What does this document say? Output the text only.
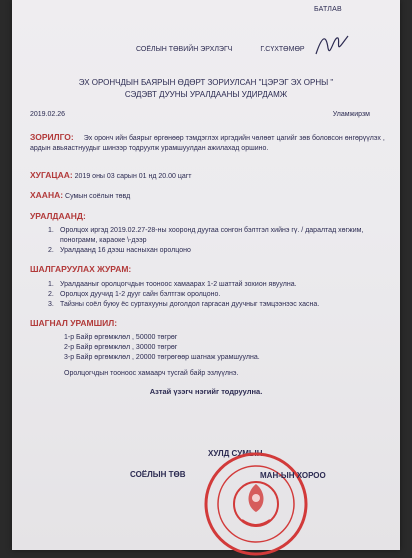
БАТЛАВ
СОЁЛЫН ТӨВИЙН ЭРХЛЭГЧ	Г.СҮХТӨМӨР
ЭХ ОРОНЧДЫН БАЯРЫН ӨДӨРТ ЗОРИУЛСАН "ЦЭРЭГ ЭХ ОРНЫ "
СЭДЭВТ ДУУНЫ УРАЛДААНЫ УДИРДАМЖ
2019.02.26	Уламжирзм
ЗОРИЛГО: Эх оронч ийн баярыг өргөнөөр тэмдэглэх иргэдийн чөлөөт цагийг зөв боловсон өнгөрүүлэх , ардын авьяастнуудыг шинээр тодруулж урамшуулдан ажилахад оршино.
ХУГАЦАА: 2019 оны 03 сарын 01 нд 20.00 цагт
ХААНА: Сумын соёлын төвд
УРАЛДААНД:
1. Оролцох иргэд 2019.02.27-28-ны хооронд дуугаа сонгон бэлтгэл хийнэ гү. / даралтад хөгжим, понограмм, караоке \-дээр
2. Уралдаанд 16 дээш насныхан оролцоно
ШАЛГАРУУЛАХ ЖУРАМ:
1. Уралдааныг оролцогчдын тооноос хамаарах 1-2 шаттай зохион явуулна.
2. Оролцох дуучид 1-2 дууг сайн бэлтгэж оролцоно.
3. Тайзны соёл буюу ёс суртахууны доголдол гаргасан дуучныг тэмцээнээс хасна.
ШАГНАЛ УРАМШИЛ:
1-р Байр өргөмжлөл , 50000 төгрөг
2-р Байр өргөмжлөл , 30000 төгрөг
3-р Байр өргөмжлөл , 20000 төгрөгөөр шагнаж урамшуулна.
Оролцогчдын тооноос хамаарч тусгай байр эзлүүлнэ.
Азтай үзэгч нэгийг тодруулна.
ХУЛД СУМЫН
СОЁЛЫН ТӨВ	МАН-ЫН ХОРОО
